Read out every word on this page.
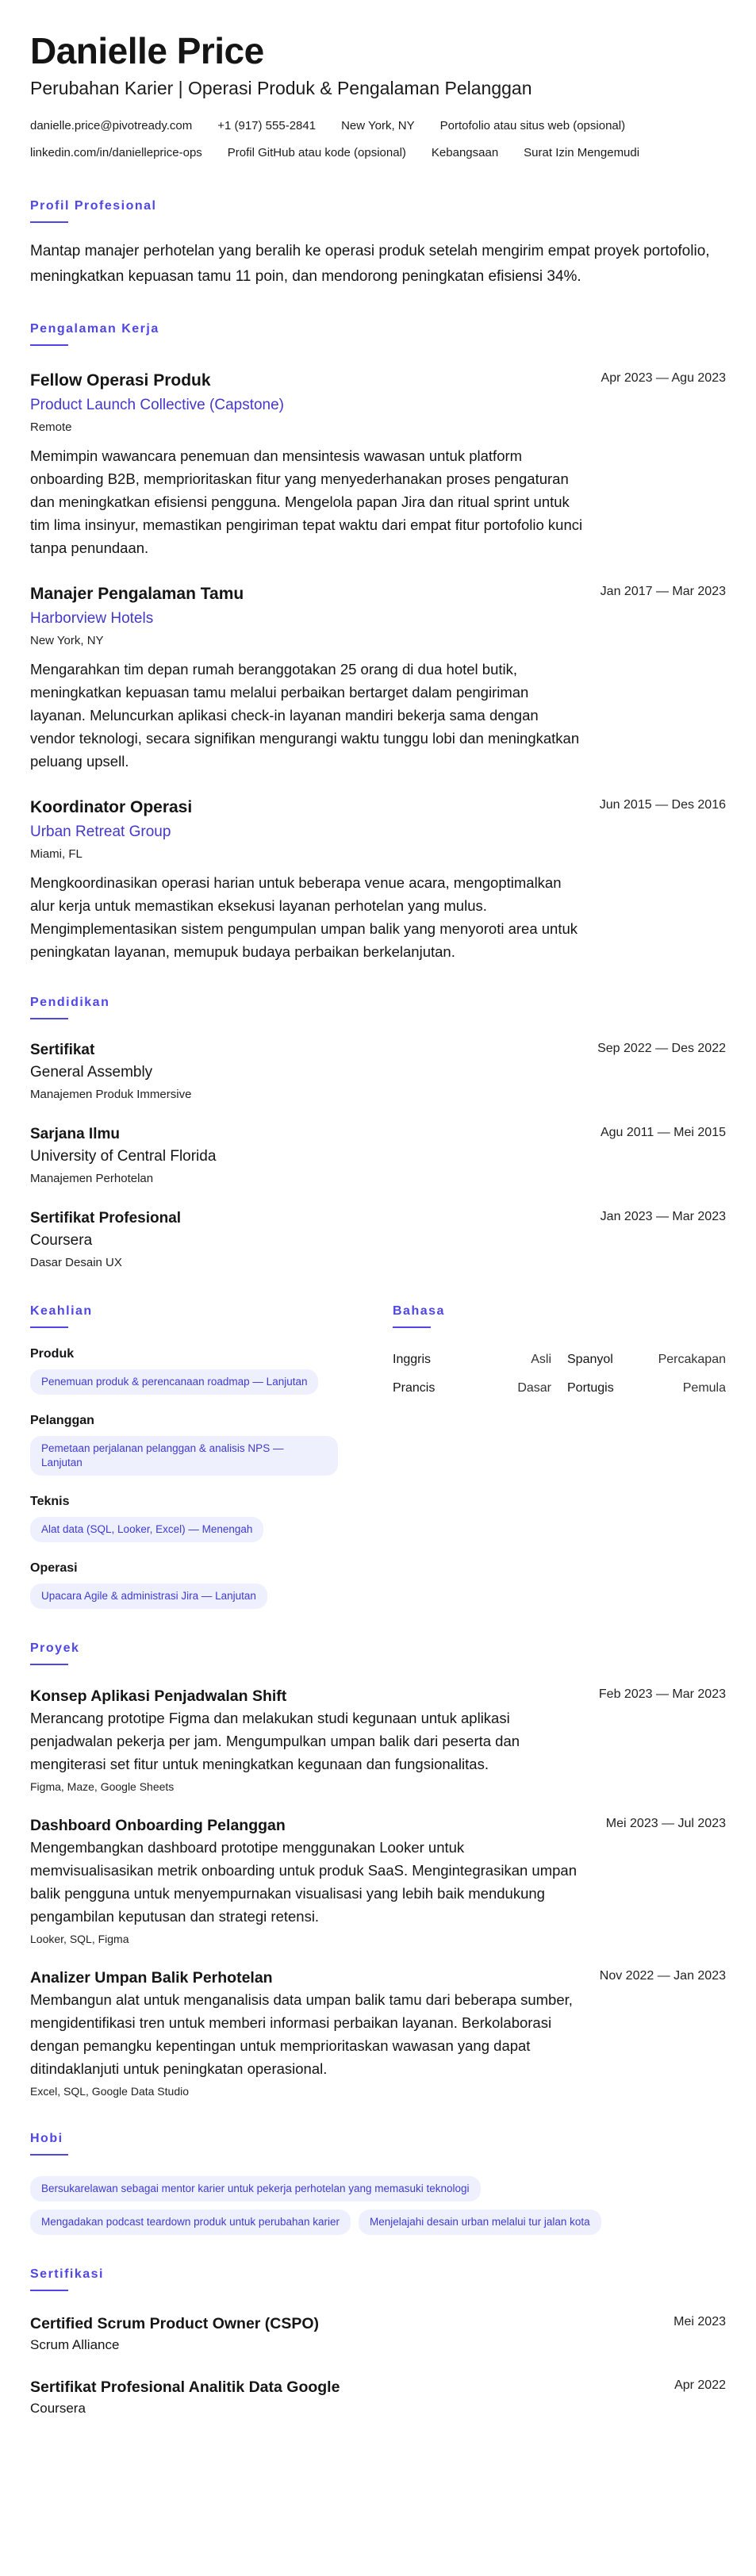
Danielle Price
Perubahan Karier | Operasi Produk & Pengalaman Pelanggan
danielle.price@pivotready.com +1 (917) 555-2841 New York, NY Portofolio atau situs web (opsional)
linkedin.com/in/danielleprice-ops Profil GitHub atau kode (opsional) Kebangsaan Surat Izin Mengemudi
Profil Profesional
Mantap manajer perhotelan yang beralih ke operasi produk setelah mengirim empat proyek portofolio, meningkatkan kepuasan tamu 11 poin, dan mendorong peningkatan efisiensi 34%.
Pengalaman Kerja
Fellow Operasi Produk
Product Launch Collective (Capstone)
Remote
Memimpin wawancara penemuan dan mensintesis wawasan untuk platform onboarding B2B, memprioritaskan fitur yang menyederhanakan proses pengaturan dan meningkatkan efisiensi pengguna. Mengelola papan Jira dan ritual sprint untuk tim lima insinyur, memastikan pengiriman tepat waktu dari empat fitur portofolio kunci tanpa penundaan.
Apr 2023 — Agu 2023
Manajer Pengalaman Tamu
Harborview Hotels
New York, NY
Mengarahkan tim depan rumah beranggotakan 25 orang di dua hotel butik, meningkatkan kepuasan tamu melalui perbaikan bertarget dalam pengiriman layanan. Meluncurkan aplikasi check-in layanan mandiri bekerja sama dengan vendor teknologi, secara signifikan mengurangi waktu tunggu lobi dan meningkatkan peluang upsell.
Jan 2017 — Mar 2023
Koordinator Operasi
Urban Retreat Group
Miami, FL
Mengkoordinasikan operasi harian untuk beberapa venue acara, mengoptimalkan alur kerja untuk memastikan eksekusi layanan perhotelan yang mulus. Mengimplementasikan sistem pengumpulan umpan balik yang menyoroti area untuk peningkatan layanan, memupuk budaya perbaikan berkelanjutan.
Jun 2015 — Des 2016
Pendidikan
Sertifikat
General Assembly
Manajemen Produk Immersive
Sep 2022 — Des 2022
Sarjana Ilmu
University of Central Florida
Manajemen Perhotelan
Agu 2011 — Mei 2015
Sertifikat Profesional
Coursera
Dasar Desain UX
Jan 2023 — Mar 2023
Keahlian
Produk
Penemuan produk & perencanaan roadmap — Lanjutan
Pelanggan
Pemetaan perjalanan pelanggan & analisis NPS — Lanjutan
Teknis
Alat data (SQL, Looker, Excel) — Menengah
Operasi
Upacara Agile & administrasi Jira — Lanjutan
Bahasa
Inggris	Asli Spanyol	Percakapan
Prancis	Dasar Portugis	Pemula
Proyek
Konsep Aplikasi Penjadwalan Shift
Merancang prototipe Figma dan melakukan studi kegunaan untuk aplikasi penjadwalan pekerja per jam. Mengumpulkan umpan balik dari peserta dan mengiterasi set fitur untuk meningkatkan kegunaan dan fungsionalitas.
Figma, Maze, Google Sheets
Feb 2023 — Mar 2023
Dashboard Onboarding Pelanggan
Mengembangkan dashboard prototipe menggunakan Looker untuk memvisualisasikan metrik onboarding untuk produk SaaS. Mengintegrasikan umpan balik pengguna untuk menyempurnakan visualisasi yang lebih baik mendukung pengambilan keputusan dan strategi retensi.
Looker, SQL, Figma
Mei 2023 — Jul 2023
Analizer Umpan Balik Perhotelan
Membangun alat untuk menganalisis data umpan balik tamu dari beberapa sumber, mengidentifikasi tren untuk memberi informasi perbaikan layanan. Berkolaborasi dengan pemangku kepentingan untuk memprioritaskan wawasan yang dapat ditindaklanjuti untuk peningkatan operasional.
Excel, SQL, Google Data Studio
Nov 2022 — Jan 2023
Hobi
Bersukarelawan sebagai mentor karier untuk pekerja perhotelan yang memasuki teknologi
Mengadakan podcast teardown produk untuk perubahan karier	Menjelajahi desain urban melalui tur jalan kota
Sertifikasi
Certified Scrum Product Owner (CSPO)
Scrum Alliance
Mei 2023
Sertifikat Profesional Analitik Data Google
Coursera
Apr 2022
